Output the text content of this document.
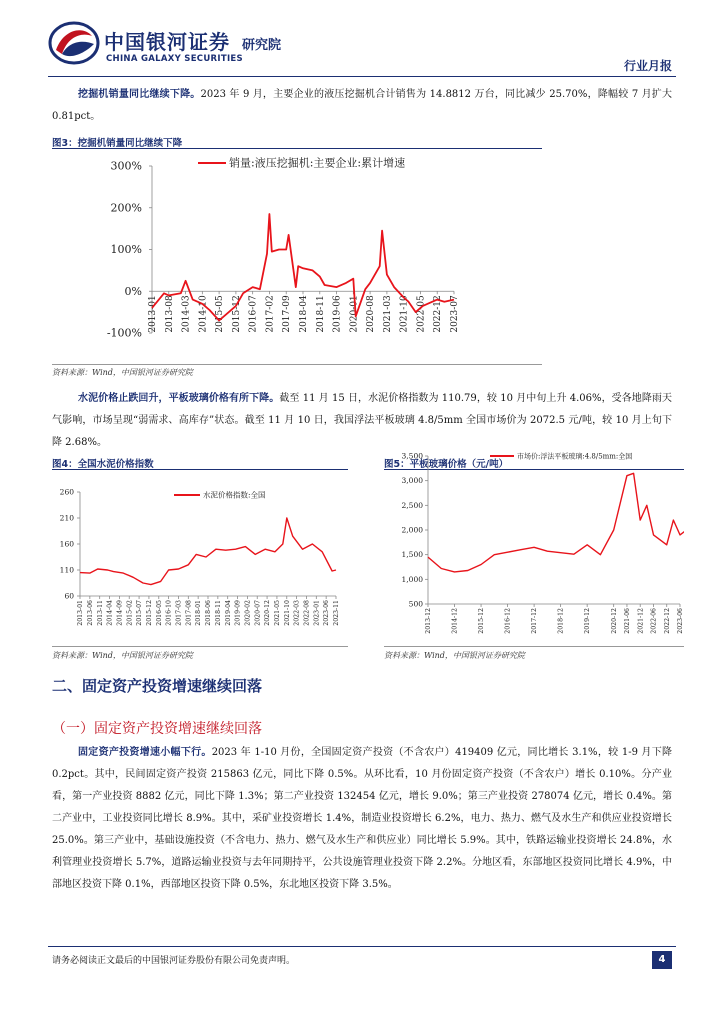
中国银河证券
CHINA GALAXY SECURITIES
研究院
行业月报
挖掘机销量同比继续下降。2023 年 9 月，主要企业的液压挖掘机合计销售为 14.8812 万台，同比减少 25.70%，降幅较 7 月扩大 0.81pct。
图3：挖掘机销量同比继续下降
300%
200%
100%
0%
-100%
2013-01 2013-08 2014-03 2014-10 2015-05 2015-12 2016-07 2017-02 2017-09 2018-04 2018-11 2019-06 2020-01 2020-08 2021-03 2021-10 2022-05 2022-12 2023-07
销量:液压挖掘机:主要企业:累计增速
资料来源：Wind，中国银河证券研究院
水泥价格止跌回升，平板玻璃价格有所下降。截至 11 月 15 日，水泥价格指数为 110.79，较 10 月中旬上升 4.06%，受各地降雨天气影响，市场呈现“弱需求、高库存”状态。截至 11 月 10 日，我国浮法平板玻璃 4.8/5mm 全国市场价为 2072.5 元/吨，较 10 月上旬下降 2.68%。
图4：全国水泥价格指数
260
210
160
110
60
2013-01 2013-06 2013-11 2014-04 2014-09 2015-02 2015-07 2015-12 2016-05 2016-10 2017-03 2017-08 2018-01 2018-06 2018-11 2019-04 2019-09 2020-02 2020-07 2020-12 2021-05 2021-10 2022-03 2022-08 2023-01 2023-06 2023-11
水泥价格指数:全国
资料来源：Wind，中国银河证券研究院
图5：平板玻璃价格（元/吨）
3,500
3,000
2,500
2,000
1,500
1,000
500
2013-12	2014-12	2015-12	2016-12	2017-12	2018-12	2019-12	2020-12 2021-06 2021-12 2022-06 2022-12 2023-06
市场价:浮法平板玻璃:4.8/5mm:全国
资料来源：Wind，中国银河证券研究院
二、固定资产投资增速继续回落
（一）固定资产投资增速继续回落
固定资产投资增速小幅下行。2023 年 1-10 月份，全国固定资产投资（不含农户）419409 亿元，同比增长 3.1%，较 1-9 月下降 0.2pct。其中，民间固定资产投资 215863 亿元，同比下降 0.5%。从环比看，10 月份固定资产投资（不含农户）增长 0.10%。分产业看，第一产业投资 8882 亿元，同比下降 1.3%；第二产业投资 132454 亿元，增长 9.0%；第三产业投资 278074 亿元，增长 0.4%。第二产业中，工业投资同比增长 8.9%。其中，采矿业投资增长 1.4%，制造业投资增长 6.2%，电力、热力、燃气及水生产和供应业投资增长 25.0%。第三产业中，基础设施投资（不含电力、热力、燃气及水生产和供应业）同比增长 5.9%。其中，铁路运输业投资增长 24.8%，水利管理业投资增长 5.7%，道路运输业投资与去年同期持平，公共设施管理业投资下降 2.2%。分地区看，东部地区投资同比增长 4.9%，中部地区投资下降 0.1%，西部地区投资下降 0.5%，东北地区投资下降 3.5%。
请务必阅读正文最后的中国银河证券股份有限公司免责声明。	4
